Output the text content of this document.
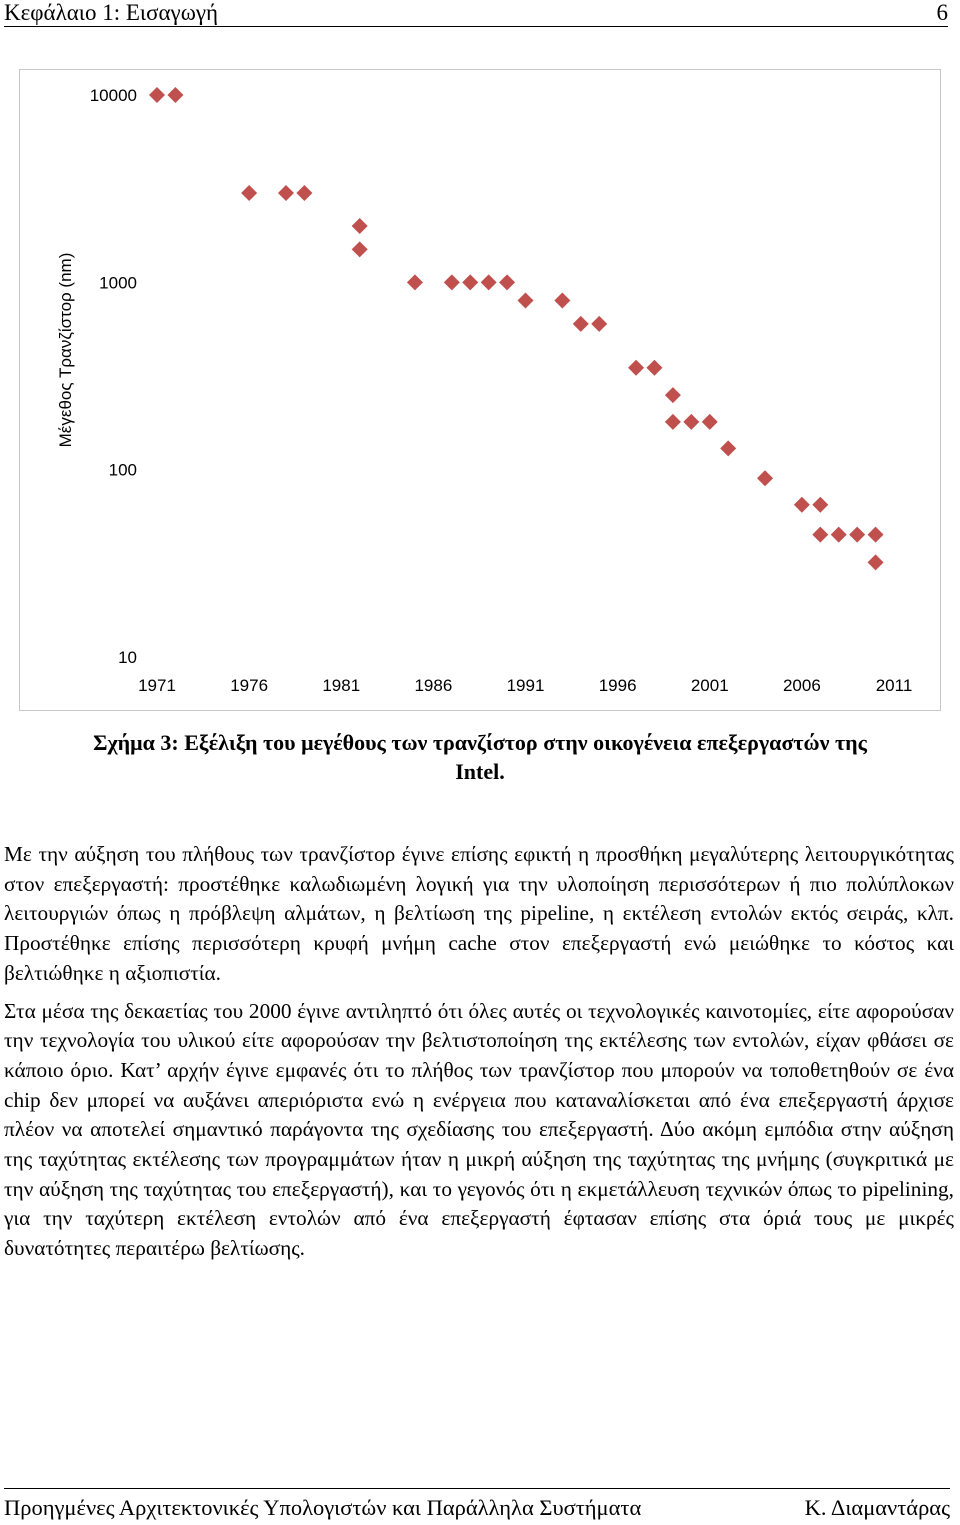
Κεφάλαιο 1: Εισαγωγή	6
10000
1000
100
10
1971	1976	1981	1986	1991	1996	2001	2006	2011
Μέγεθος Τρανζίστορ (nm)
Σχήμα 3: Εξέλιξη του μεγέθους των τρανζίστορ στην οικογένεια επεξεργαστών της
Intel.

Με την αύξηση του πλήθους των τρανζίστορ έγινε επίσης εφικτή η προσθήκη μεγαλύτερης λειτουργικότητας στον επεξεργαστή: προστέθηκε καλωδιωμένη λογική για την υλοποίηση περισσότερων ή πιο πολύπλοκων λειτουργιών όπως η πρόβλεψη αλμάτων, η βελτίωση της pipeline, η εκτέλεση εντολών εκτός σειράς, κλπ. Προστέθηκε επίσης περισσότερη κρυφή μνήμη cache στον επεξεργαστή ενώ μειώθηκε το κόστος και βελτιώθηκε η αξιοπιστία.

Στα μέσα της δεκαετίας του 2000 έγινε αντιληπτό ότι όλες αυτές οι τεχνολογικές καινοτομίες, είτε αφορούσαν την τεχνολογία του υλικού είτε αφορούσαν την βελτιστοποίηση της εκτέλεσης των εντολών, είχαν φθάσει σε κάποιο όριο. Κατ’ αρχήν έγινε εμφανές ότι το πλήθος των τρανζίστορ που μπορούν να τοποθετηθούν σε ένα chip δεν μπορεί να αυξάνει απεριόριστα ενώ η ενέργεια που καταναλίσκεται από ένα επεξεργαστή άρχισε πλέον να αποτελεί σημαντικό παράγοντα της σχεδίασης του επεξεργαστή. Δύο ακόμη εμπόδια στην αύξηση της ταχύτητας εκτέλεσης των προγραμμάτων ήταν η μικρή αύξηση της ταχύτητας της μνήμης (συγκριτικά με την αύξηση της ταχύτητας του επεξεργαστή), και το γεγονός ότι η εκμετάλλευση τεχνικών όπως το pipelining, για την ταχύτερη εκτέλεση εντολών από ένα επεξεργαστή έφτασαν επίσης στα όριά τους με μικρές δυνατότητες περαιτέρω βελτίωσης.

Προηγμένες Αρχιτεκτονικές Υπολογιστών και Παράλληλα Συστήματα	Κ. Διαμαντάρας
